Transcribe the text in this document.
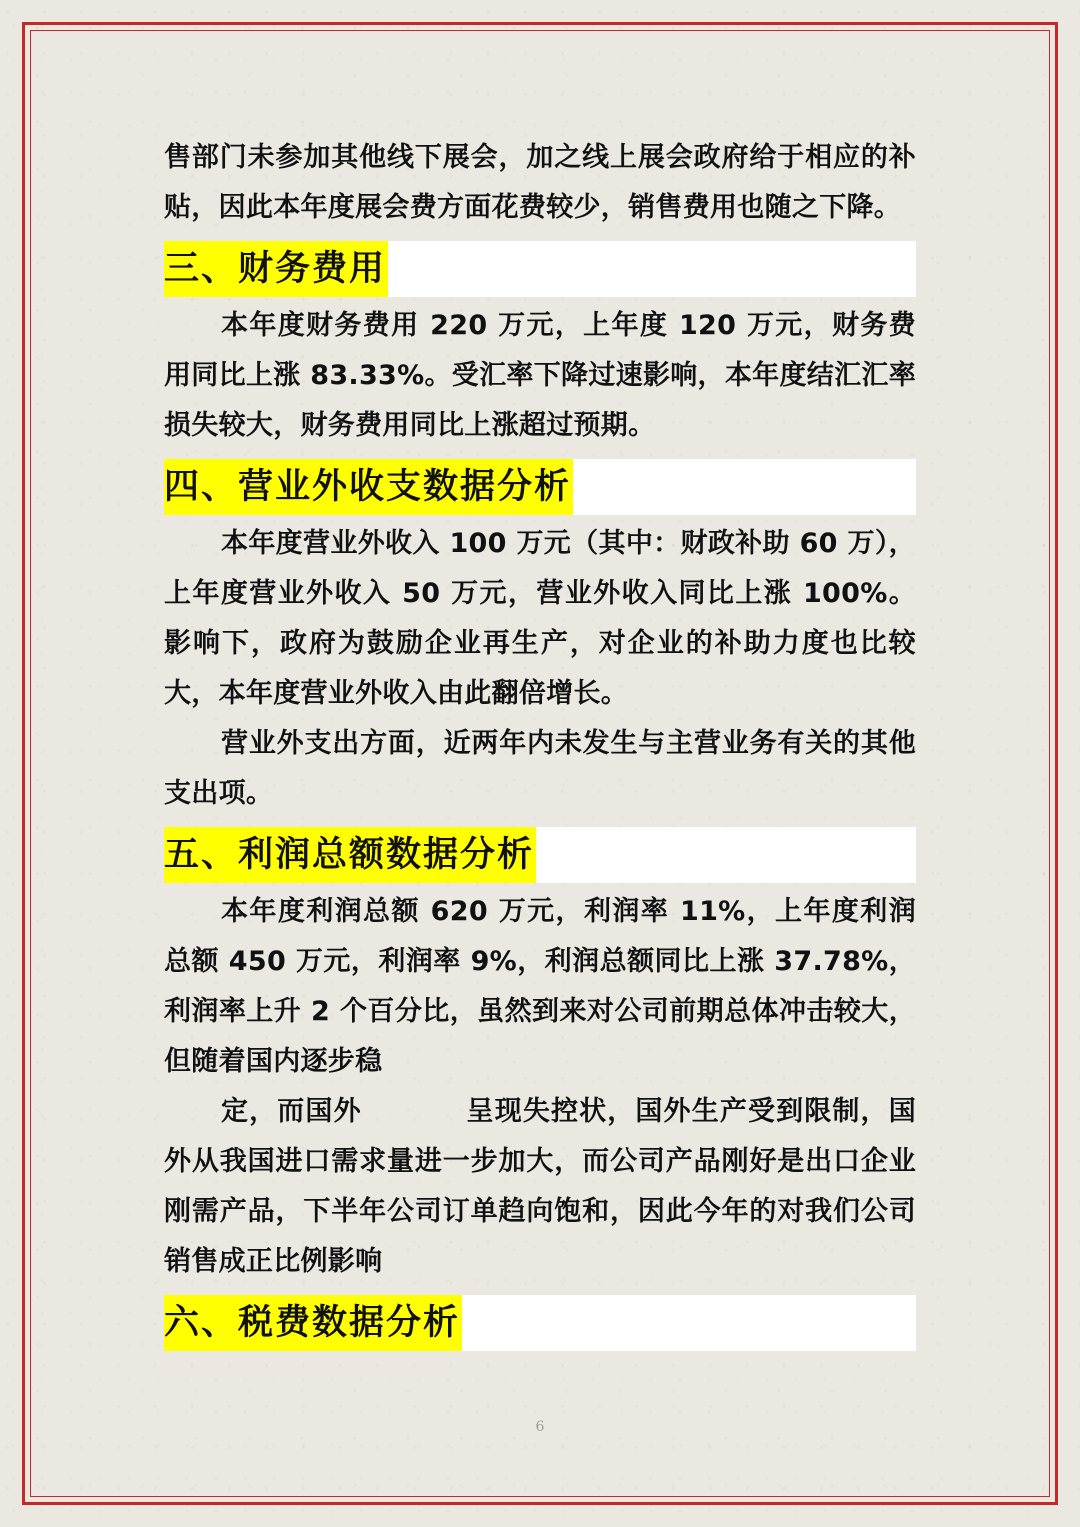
售部门未参加其他线下展会，加之线上展会政府给于相应的补贴，因此本年度展会费方面花费较少，销售费用也随之下降。

三、财务费用

本年度财务费用 220 万元，上年度 120 万元，财务费用同比上涨 83.33%。受汇率下降过速影响，本年度结汇汇率损失较大，财务费用同比上涨超过预期。

四、营业外收支数据分析

本年度营业外收入 100 万元（其中：财政补助 60 万），上年度营业外收入 50 万元，营业外收入同比上涨 100%。影响下，政府为鼓励企业再生产，对企业的补助力度也比较大，本年度营业外收入由此翻倍增长。

营业外支出方面，近两年内未发生与主营业务有关的其他支出项。

五、利润总额数据分析

本年度利润总额 620 万元，利润率 11%，上年度利润总额 450 万元，利润率 9%，利润总额同比上涨 37.78%，利润率上升 2 个百分比，虽然到来对公司前期总体冲击较大，但随着国内逐步稳

定，而国外	呈现失控状，国外生产受到限制，国外从我国进口需求量进一步加大，而公司产品刚好是出口企业刚需产品，下半年公司订单趋向饱和，因此今年的对我们公司销售成正比例影响

六、税费数据分析
6
